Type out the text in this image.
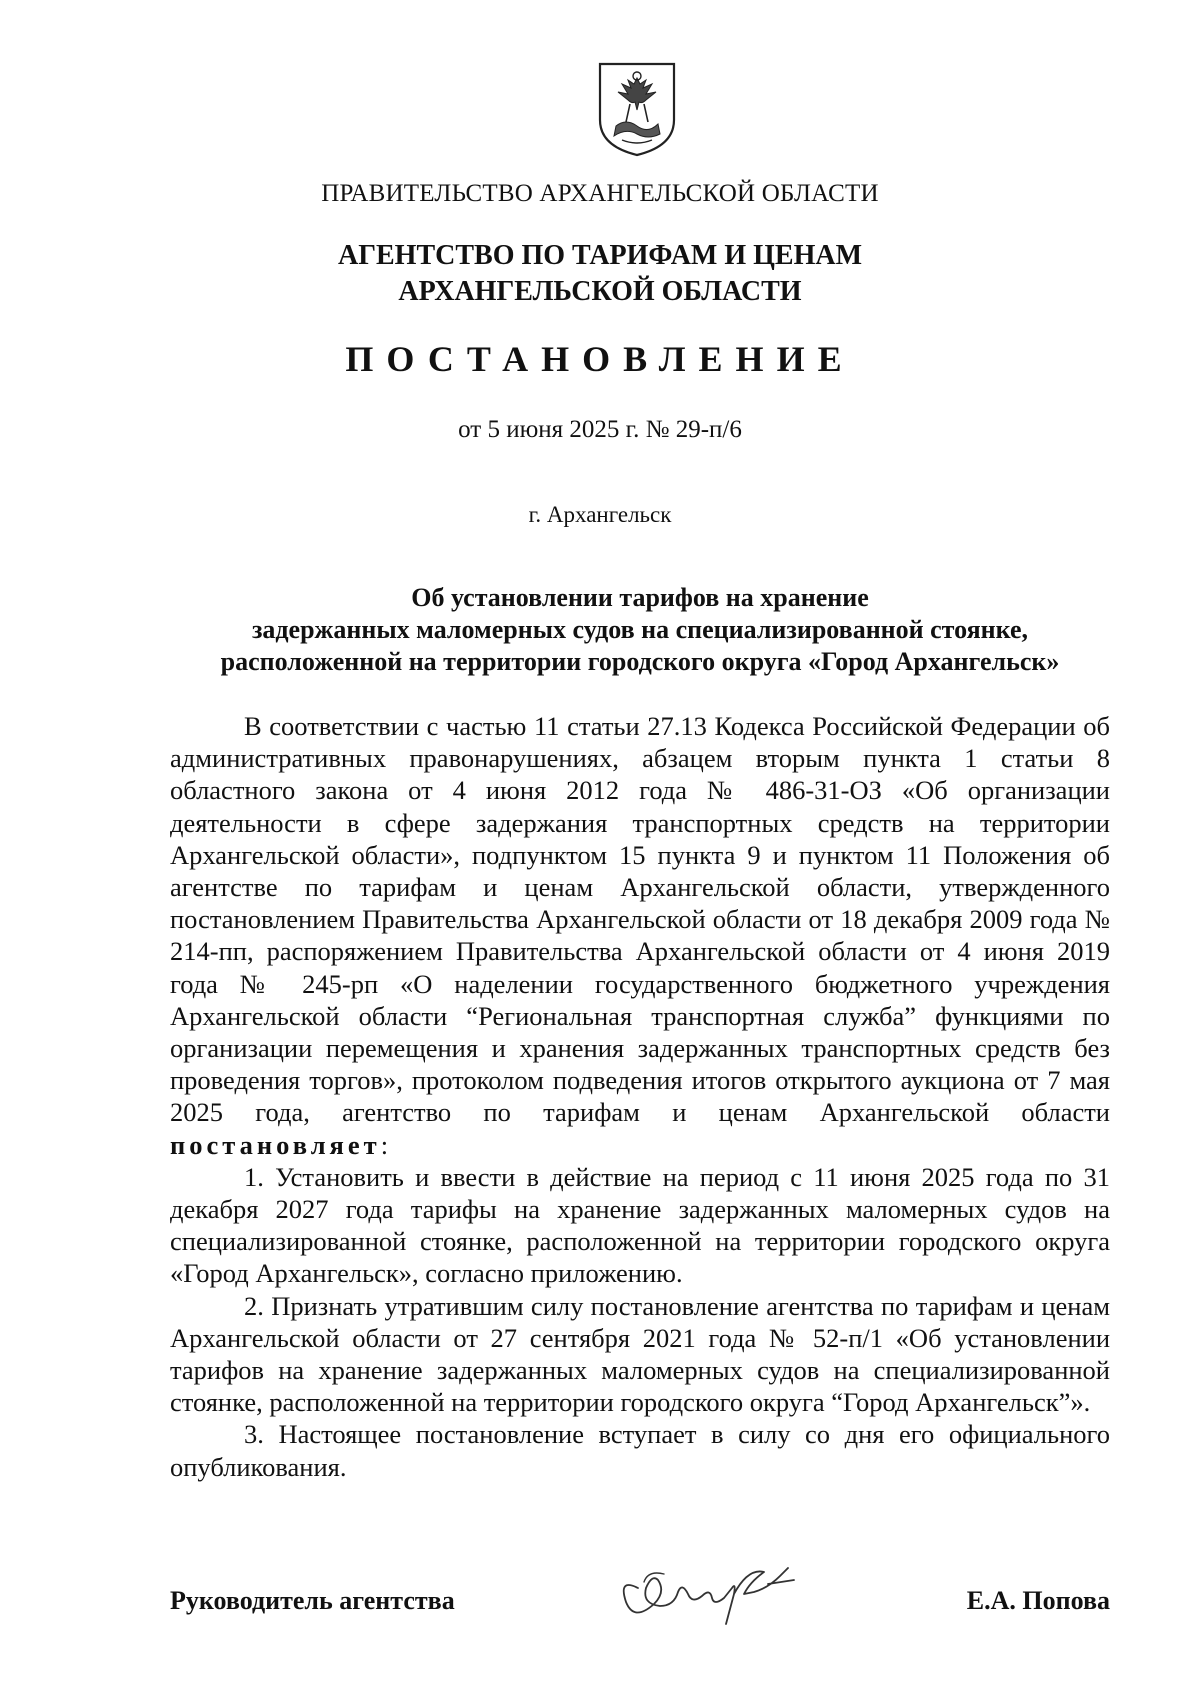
ПРАВИТЕЛЬСТВО АРХАНГЕЛЬСКОЙ ОБЛАСТИ
АГЕНТСТВО ПО ТАРИФАМ И ЦЕНАМ
АРХАНГЕЛЬСКОЙ ОБЛАСТИ
ПОСТАНОВЛЕНИЕ
от 5 июня 2025 г. № 29-п/6
г. Архангельск
Об установлении тарифов на хранение
задержанных маломерных судов на специализированной стоянке,
расположенной на территории городского округа «Город Архангельск»

В соответствии с частью 11 статьи 27.13 Кодекса Российской Федерации об административных правонарушениях, абзацем вторым пункта 1 статьи 8 областного закона от 4 июня 2012 года № 486-31-ОЗ «Об организации деятельности в сфере задержания транспортных средств на территории Архангельской области», подпунктом 15 пункта 9 и пунктом 11 Положения об агентстве по тарифам и ценам Архангельской области, утвержденного постановлением Правительства Архангельской области от 18 декабря 2009 года № 214-пп, распоряжением Правительства Архангельской области от 4 июня 2019 года № 245-рп «О наделении государственного бюджетного учреждения Архангельской области “Региональная транспортная служба” функциями по организации перемещения и хранения задержанных транспортных средств без проведения торгов», протоколом подведения итогов открытого аукциона от 7 мая 2025 года, агентство по тарифам и ценам Архангельской области постановляет:

1. Установить и ввести в действие на период с 11 июня 2025 года по 31 декабря 2027 года тарифы на хранение задержанных маломерных судов на специализированной стоянке, расположенной на территории городского округа «Город Архангельск», согласно приложению.

2. Признать утратившим силу постановление агентства по тарифам и ценам Архангельской области от 27 сентября 2021 года № 52-п/1 «Об установлении тарифов на хранение задержанных маломерных судов на специализированной стоянке, расположенной на территории городского округа “Город Архангельск”».

3. Настоящее постановление вступает в силу со дня его официального опубликования.

Руководитель агентства	Е.А. Попова
